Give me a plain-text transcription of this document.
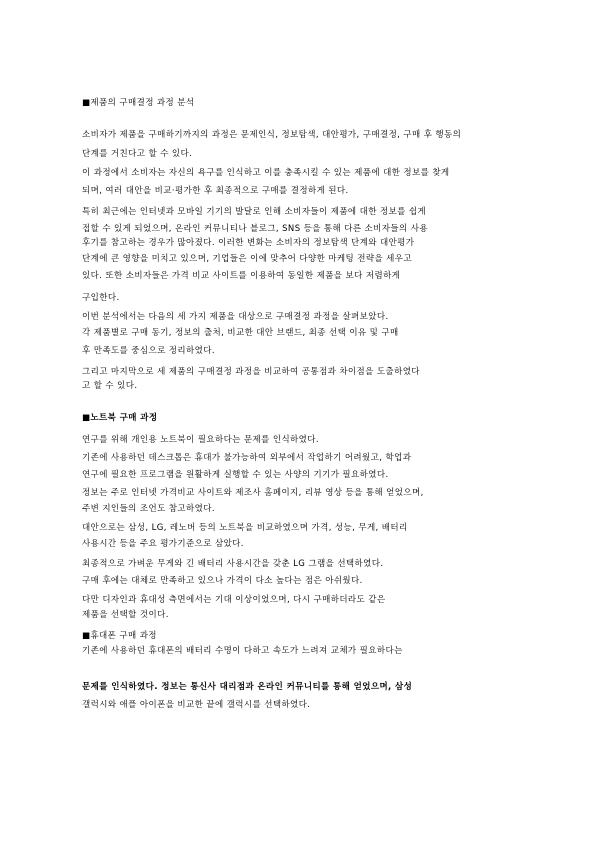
■제품의 구매결정 과정 분석
소비자가 제품을 구매하기까지의 과정은 문제인식, 정보탐색, 대안평가, 구매결정, 구매 후 행동의
단계를 거친다고 할 수 있다.
이 과정에서 소비자는 자신의 욕구를 인식하고 이를 충족시킬 수 있는 제품에 대한 정보를 찾게
되며, 여러 대안을 비교·평가한 후 최종적으로 구매를 결정하게 된다.
특히 최근에는 인터넷과 모바일 기기의 발달로 인해 소비자들이 제품에 대한 정보를 쉽게
접할 수 있게 되었으며, 온라인 커뮤니티나 블로그, SNS 등을 통해 다른 소비자들의 사용
후기를 참고하는 경우가 많아졌다. 이러한 변화는 소비자의 정보탐색 단계와 대안평가
단계에 큰 영향을 미치고 있으며, 기업들은 이에 맞추어 다양한 마케팅 전략을 세우고
있다. 또한 소비자들은 가격 비교 사이트를 이용하여 동일한 제품을 보다 저렴하게
구입한다.
이번 분석에서는 다음의 세 가지 제품을 대상으로 구매결정 과정을 살펴보았다.
각 제품별로 구매 동기, 정보의 출처, 비교한 대안 브랜드, 최종 선택 이유 및 구매
후 만족도를 중심으로 정리하였다.
그리고 마지막으로 세 제품의 구매결정 과정을 비교하여 공통점과 차이점을 도출하였다
고 할 수 있다.
■노트북 구매 과정
연구를 위해 개인용 노트북이 필요하다는 문제를 인식하였다.
기존에 사용하던 데스크톱은 휴대가 불가능하여 외부에서 작업하기 어려웠고, 학업과
연구에 필요한 프로그램을 원활하게 실행할 수 있는 사양의 기기가 필요하였다.
정보는 주로 인터넷 가격비교 사이트와 제조사 홈페이지, 리뷰 영상 등을 통해 얻었으며,
주변 지인들의 조언도 참고하였다.
대안으로는 삼성, LG, 레노버 등의 노트북을 비교하였으며 가격, 성능, 무게, 배터리
사용시간 등을 주요 평가기준으로 삼았다.
최종적으로 가벼운 무게와 긴 배터리 사용시간을 갖춘 LG 그램을 선택하였다.
구매 후에는 대체로 만족하고 있으나 가격이 다소 높다는 점은 아쉬웠다.
다만 디자인과 휴대성 측면에서는 기대 이상이었으며, 다시 구매하더라도 같은
제품을 선택할 것이다.
■휴대폰 구매 과정
기존에 사용하던 휴대폰의 배터리 수명이 다하고 속도가 느려져 교체가 필요하다는
문제를 인식하였다. 정보는 통신사 대리점과 온라인 커뮤니티를 통해 얻었으며, 삼성
갤럭시와 애플 아이폰을 비교한 끝에 갤럭시를 선택하였다.
